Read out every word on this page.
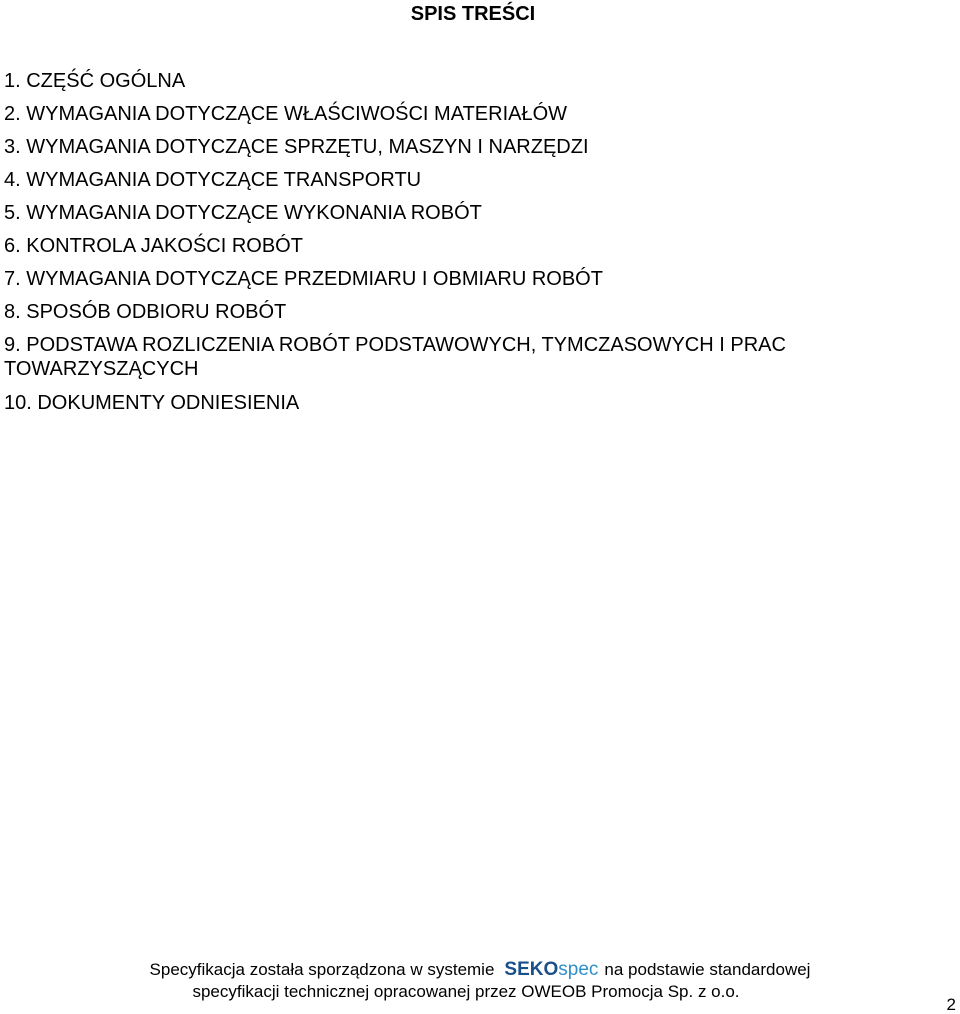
SPIS TREŚCI
1. CZĘŚĆ OGÓLNA
2. WYMAGANIA DOTYCZĄCE WŁAŚCIWOŚCI MATERIAŁÓW
3. WYMAGANIA DOTYCZĄCE SPRZĘTU, MASZYN I NARZĘDZI
4. WYMAGANIA DOTYCZĄCE TRANSPORTU
5. WYMAGANIA DOTYCZĄCE WYKONANIA ROBÓT
6. KONTROLA JAKOŚCI ROBÓT
7. WYMAGANIA DOTYCZĄCE PRZEDMIARU I OBMIARU ROBÓT
8. SPOSÓB ODBIORU ROBÓT
9. PODSTAWA ROZLICZENIA ROBÓT PODSTAWOWYCH, TYMCZASOWYCH I PRAC TOWARZYSZĄCYCH
10. DOKUMENTY ODNIESIENIA
Specyfikacja została sporządzona w systemie SEKOspec na podstawie standardowej
specyfikacji technicznej opracowanej przez OWEOB Promocja Sp. z o.o.
2
